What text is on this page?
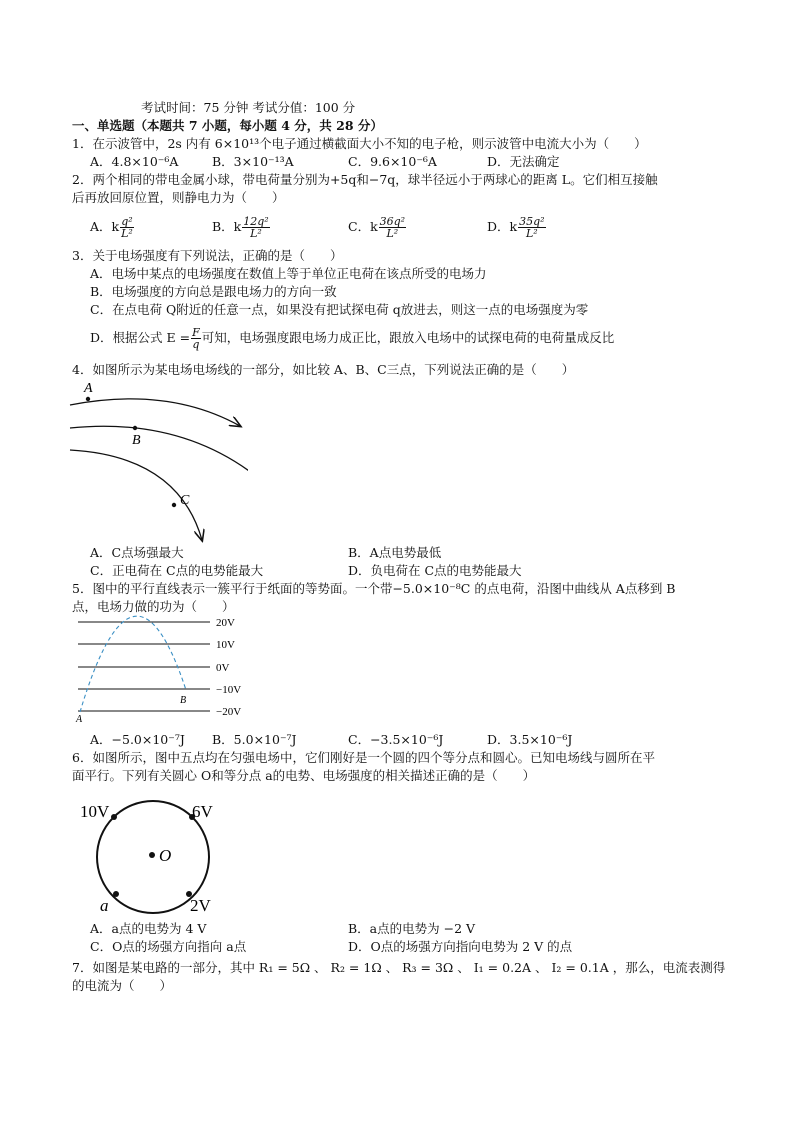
考试时间：75 分钟 考试分值：100 分
一、单选题（本题共 7 小题，每小题 4 分，共 28 分）
1．在示波管中，2s 内有 6×10¹³个电子通过横截面大小不知的电子枪，则示波管中电流大小为（　　）
A．4.8×10⁻⁶A	B．3×10⁻¹³A	C．9.6×10⁻⁶A	D．无法确定
2．两个相同的带电金属小球，带电荷量分别为+5q和−7q，球半径远小于两球心的距离 L。它们相互接触
后再放回原位置，则静电力为（　　）
A．k $\frac{\text{q²}}{\text{L²}}$	B．k $\frac{\text{12q²}}{\text{L²}}$	C．k $\frac{\text{36q²}}{\text{L²}}$	D．k $\frac{\text{35q²}}{\text{L²}}$
3．关于电场强度有下列说法，正确的是（　　）
A．电场中某点的电场强度在数值上等于单位正电荷在该点所受的电场力
B．电场强度的方向总是跟电场力的方向一致
C．在点电荷 Q附近的任意一点，如果没有把试探电荷 q放进去，则这一点的电场强度为零
D．根据公式 $E = \frac{F}{q}$ 可知，电场强度跟电场力成正比，跟放入电场中的试探电荷的电荷量成反比
4．如图所示为某电场电场线的一部分，如比较 A、B、C三点，下列说法正确的是（　　）
A
B
C
A．C点场强最大	B．A点电势最低
C．正电荷在 C点的电势能最大	D．负电荷在 C点的电势能最大
5．图中的平行直线表示一簇平行于纸面的等势面。一个带−5.0×10⁻⁸C 的点电荷，沿图中曲线从 A点移到 B
点，电场力做的功为（　　）
20V
10V
0V
−10V
−20V
A
B
A．−5.0×10⁻⁷J B．5.0×10⁻⁷J	C．−3.5×10⁻⁶J	D．3.5×10⁻⁶J
6．如图所示，图中五点均在匀强电场中，它们刚好是一个圆的四个等分点和圆心。已知电场线与圆所在平
面平行。下列有关圆心 O和等分点 a的电势、电场强度的相关描述正确的是（　　）
10V	6V
2V
a
O
A．a点的电势为 4 V	B．a点的电势为 −2 V
C．O点的场强方向指向 a点	D．O点的场强方向指向电势为 2 V 的点
7．如图是某电路的一部分，其中 R₁ = 5Ω 、 R₂ = 1Ω 、 R₃ = 3Ω 、 I₁ = 0.2A 、 I₂ = 0.1A ，那么，电流表测得
的电流为（　　）
